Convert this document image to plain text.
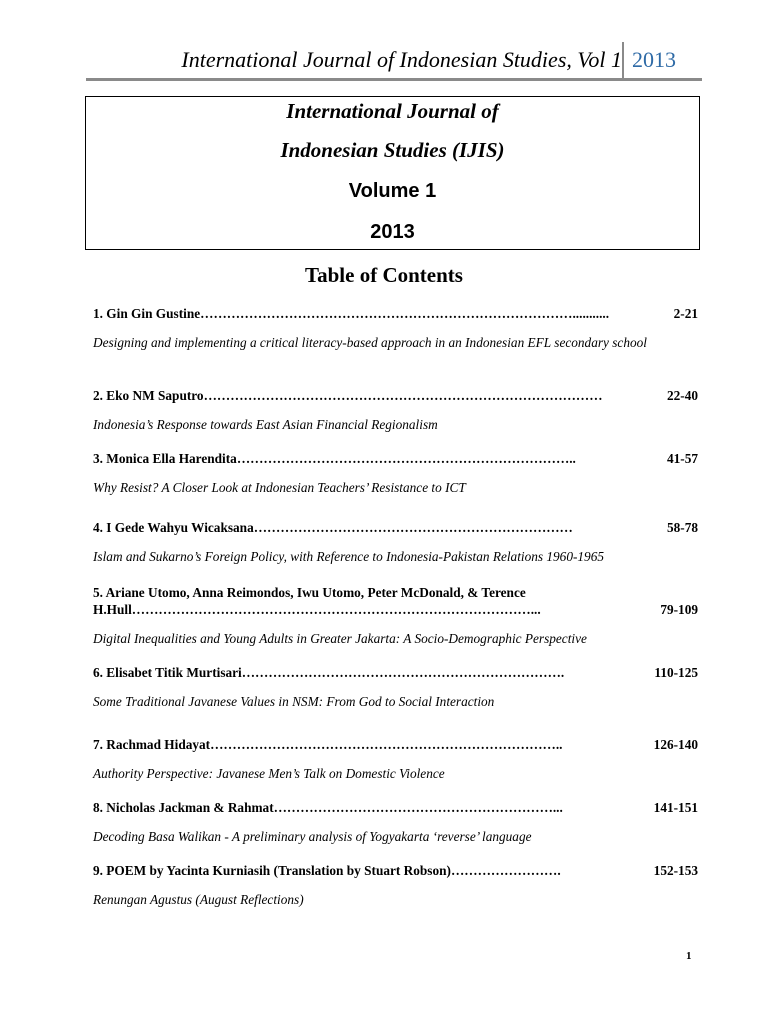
International Journal of Indonesian Studies, Vol 1 2013
International Journal of
Indonesian Studies (IJIS)
Volume 1
2013
Table of Contents
1. Gin Gin Gustine …………………………………………………………………………...........	2-21
Designing and implementing a critical literacy-based approach in an Indonesian EFL secondary school
2. Eko NM Saputro ………………………………………………………………………………	22-40
Indonesia’s Response towards East Asian Financial Regionalism
3. Monica Ella Harendita …………………………………………………………………..	41-57
Why Resist? A Closer Look at Indonesian Teachers’ Resistance to ICT
4. I Gede Wahyu Wicaksana ………………………………………………………………	58-78
Islam and Sukarno’s Foreign Policy, with Reference to Indonesia-Pakistan Relations 1960-1965
5. Ariane Utomo, Anna Reimondos, Iwu Utomo, Peter McDonald, & Terence
H.Hull ………………………………………………………………………………...	79-109
Digital Inequalities and Young Adults in Greater Jakarta: A Socio-Demographic Perspective
6. Elisabet Titik Murtisari ……………………………………………………………….	110-125
Some Traditional Javanese Values in NSM: From God to Social Interaction
7. Rachmad Hidayat ……………………………………………………………………..	126-140
Authority Perspective: Javanese Men’s Talk on Domestic Violence
8. Nicholas Jackman & Rahmat ………………………………………………………...	141-151
Decoding Basa Walikan - A preliminary analysis of Yogyakarta ‘reverse’ language
9. POEM by Yacinta Kurniasih (Translation by Stuart Robson) …………………….	152-153
Renungan Agustus (August Reflections)
1
